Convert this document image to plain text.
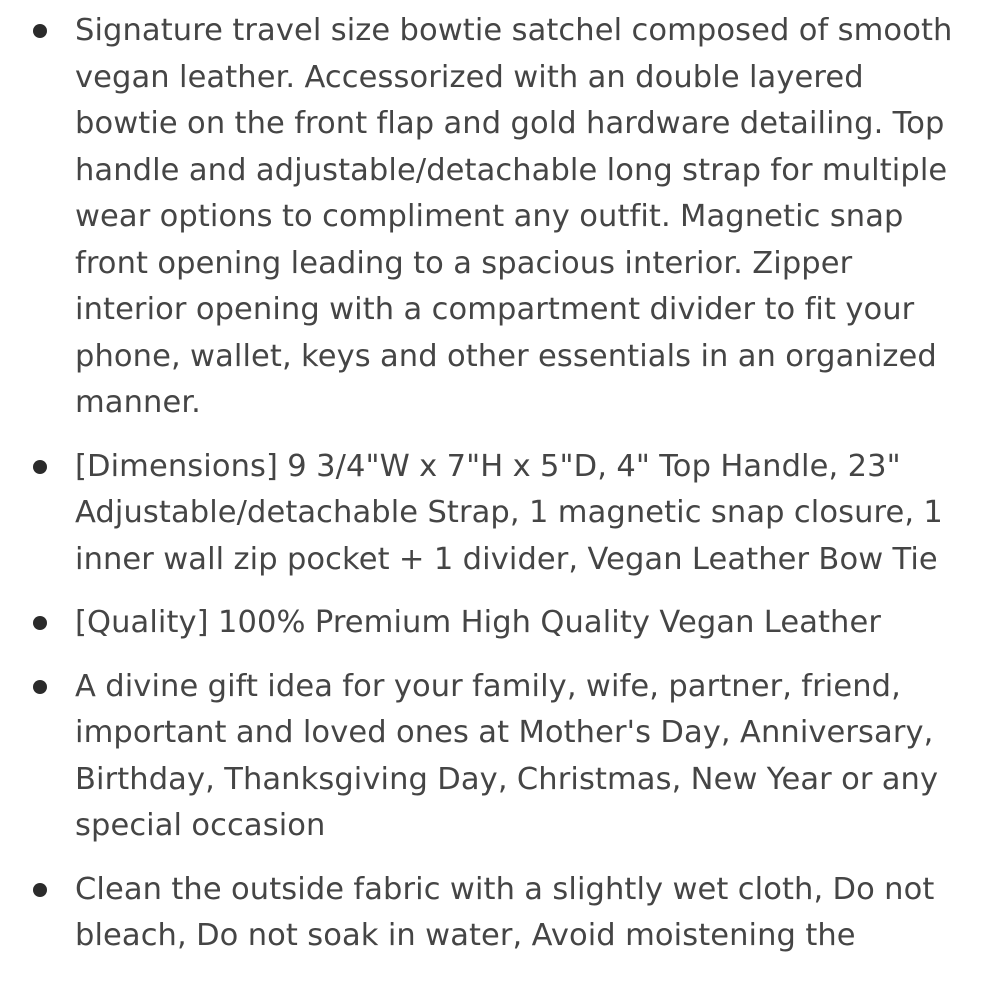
Signature travel size bowtie satchel composed of smooth vegan leather. Accessorized with an double layered bowtie on the front flap and gold hardware detailing. Top handle and adjustable/detachable long strap for multiple wear options to compliment any outfit. Magnetic snap front opening leading to a spacious interior. Zipper interior opening with a compartment divider to fit your phone, wallet, keys and other essentials in an organized manner.
[Dimensions] 9 3/4"W x 7"H x 5"D, 4" Top Handle, 23" Adjustable/detachable Strap, 1 magnetic snap closure, 1 inner wall zip pocket + 1 divider, Vegan Leather Bow Tie
[Quality] 100% Premium High Quality Vegan Leather
A divine gift idea for your family, wife, partner, friend, important and loved ones at Mother's Day, Anniversary, Birthday, Thanksgiving Day, Christmas, New Year or any special occasion
Clean the outside fabric with a slightly wet cloth, Do not bleach, Do not soak in water, Avoid moistening the
